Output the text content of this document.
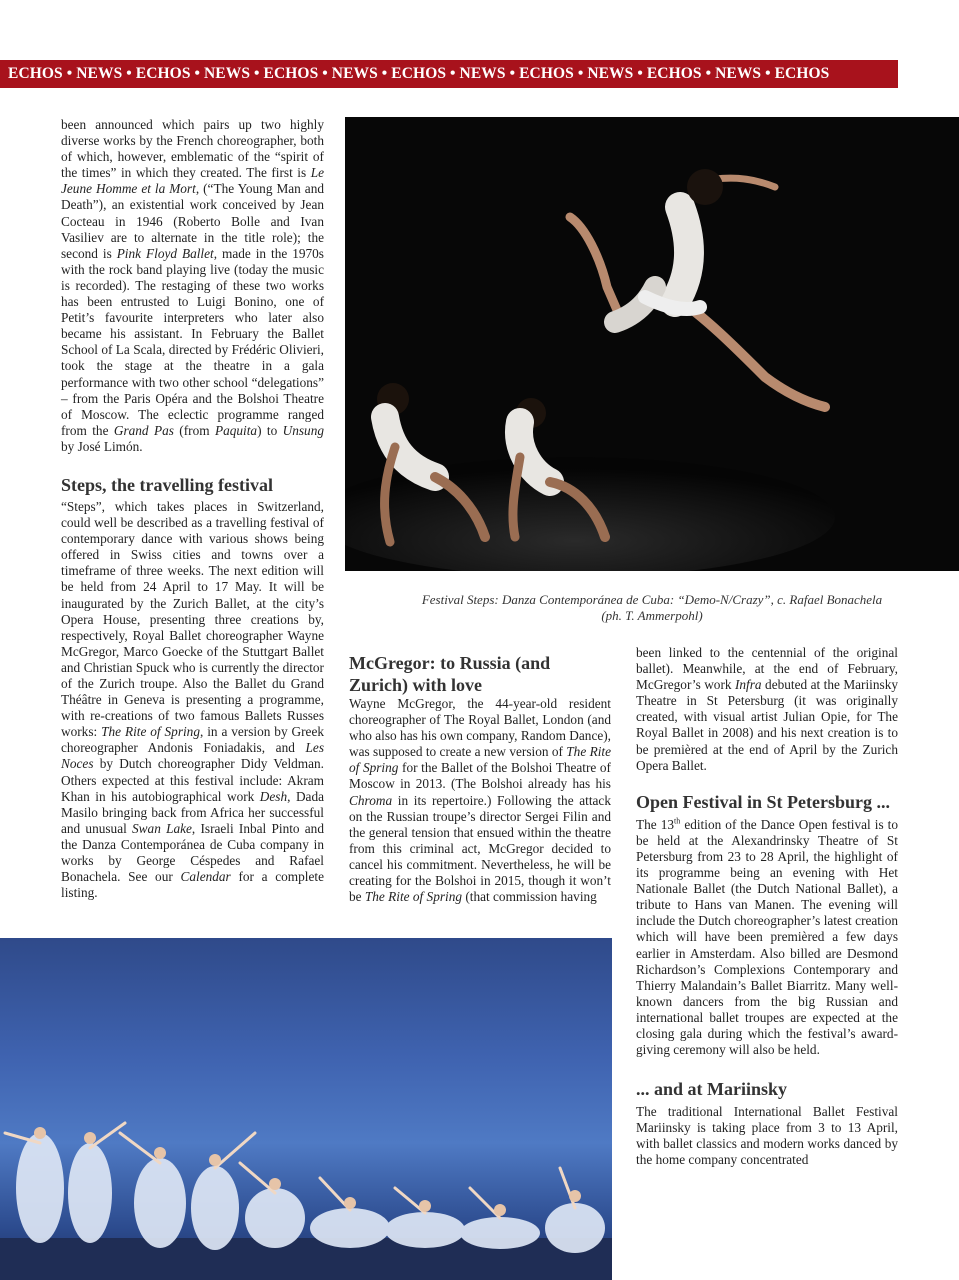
ECHOS • NEWS • ECHOS • NEWS • ECHOS • NEWS • ECHOS • NEWS • ECHOS • NEWS • ECHOS • NEWS • ECHOS

been announced which pairs up two highly diverse works by the French choreographer, both of which, however, emblematic of the “spirit of the times” in which they created. The first is Le Jeune Homme et la Mort, (“The Young Man and Death”), an existential work conceived by Jean Cocteau in 1946 (Roberto Bolle and Ivan Vasiliev are to alternate in the title role); the second is Pink Floyd Ballet, made in the 1970s with the rock band playing live (today the music is recorded). The restaging of these two works has been entrusted to Luigi Bonino, one of Petit’s favourite interpreters who later also became his assistant. In February the Ballet School of La Scala, directed by Frédéric Olivieri, took the stage at the theatre in a gala performance with two other school “delegations” – from the Paris Opéra and the Bolshoi Theatre of Moscow. The eclectic programme ranged from the Grand Pas (from Paquita) to Unsung by José Limón.

Steps, the travelling festival

“Steps”, which takes places in Switzerland, could well be described as a travelling festival of contemporary dance with various shows being offered in Swiss cities and towns over a timeframe of three weeks. The next edition will be held from 24 April to 17 May. It will be inaugurated by the Zurich Ballet, at the city’s Opera House, presenting three creations by, respectively, Royal Ballet choreographer Wayne McGregor, Marco Goecke of the Stuttgart Ballet and Christian Spuck who is currently the director of the Zurich troupe. Also the Ballet du Grand Théâtre in Geneva is presenting a programme, with re-creations of two famous Ballets Russes works: The Rite of Spring, in a version by Greek choreographer Andonis Foniadakis, and Les Noces by Dutch choreographer Didy Veldman. Others expected at this festival include: Akram Khan in his autobiographical work Desh, Dada Masilo bringing back from Africa her successful and unusual Swan Lake, Israeli Inbal Pinto and the Danza Contemporánea de Cuba company in works by George Céspedes and Rafael Bonachela. See our Calendar for a complete listing.

Festival Steps: Danza Contemporánea de Cuba: “Demo-N/Crazy”, c. Rafael Bonachela
(ph. T. Ammerpohl)
McGregor: to Russia (and Zurich) with love

Wayne McGregor, the 44-year-old resident choreographer of The Royal Ballet, London (and who also has his own company, Random Dance), was supposed to create a new version of The Rite of Spring for the Ballet of the Bolshoi Theatre of Moscow in 2013. (The Bolshoi already has his Chroma in its repertoire.) Following the attack on the Russian troupe’s director Sergei Filin and the general tension that ensued within the theatre from this criminal act, McGregor decided to cancel his commitment. Nevertheless, he will be creating for the Bolshoi in 2015, though it won’t be The Rite of Spring (that commission having

been linked to the centennial of the original ballet). Meanwhile, at the end of February, McGregor’s work Infra debuted at the Mariinsky Theatre in St Petersburg (it was originally created, with visual artist Julian Opie, for The Royal Ballet in 2008) and his next creation is to be premièred at the end of April by the Zurich Opera Ballet.

Open Festival in St Petersburg ...

The 13th edition of the Dance Open festival is to be held at the Alexandrinsky Theatre of St Petersburg from 23 to 28 April, the highlight of its programme being an evening with Het Nationale Ballet (the Dutch National Ballet), a tribute to Hans van Manen. The evening will include the Dutch choreographer’s latest creation which will have been premièred a few days earlier in Amsterdam. Also billed are Desmond Richardson’s Complexions Contemporary and Thierry Malandain’s Ballet Biarritz. Many well-known dancers from the big Russian and international ballet troupes are expected at the closing gala during which the festival’s award-giving ceremony will also be held.

... and at Mariinsky

The traditional International Ballet Festival Mariinsky is taking place from 3 to 13 April, with ballet classics and modern works danced by the home company concentrated
